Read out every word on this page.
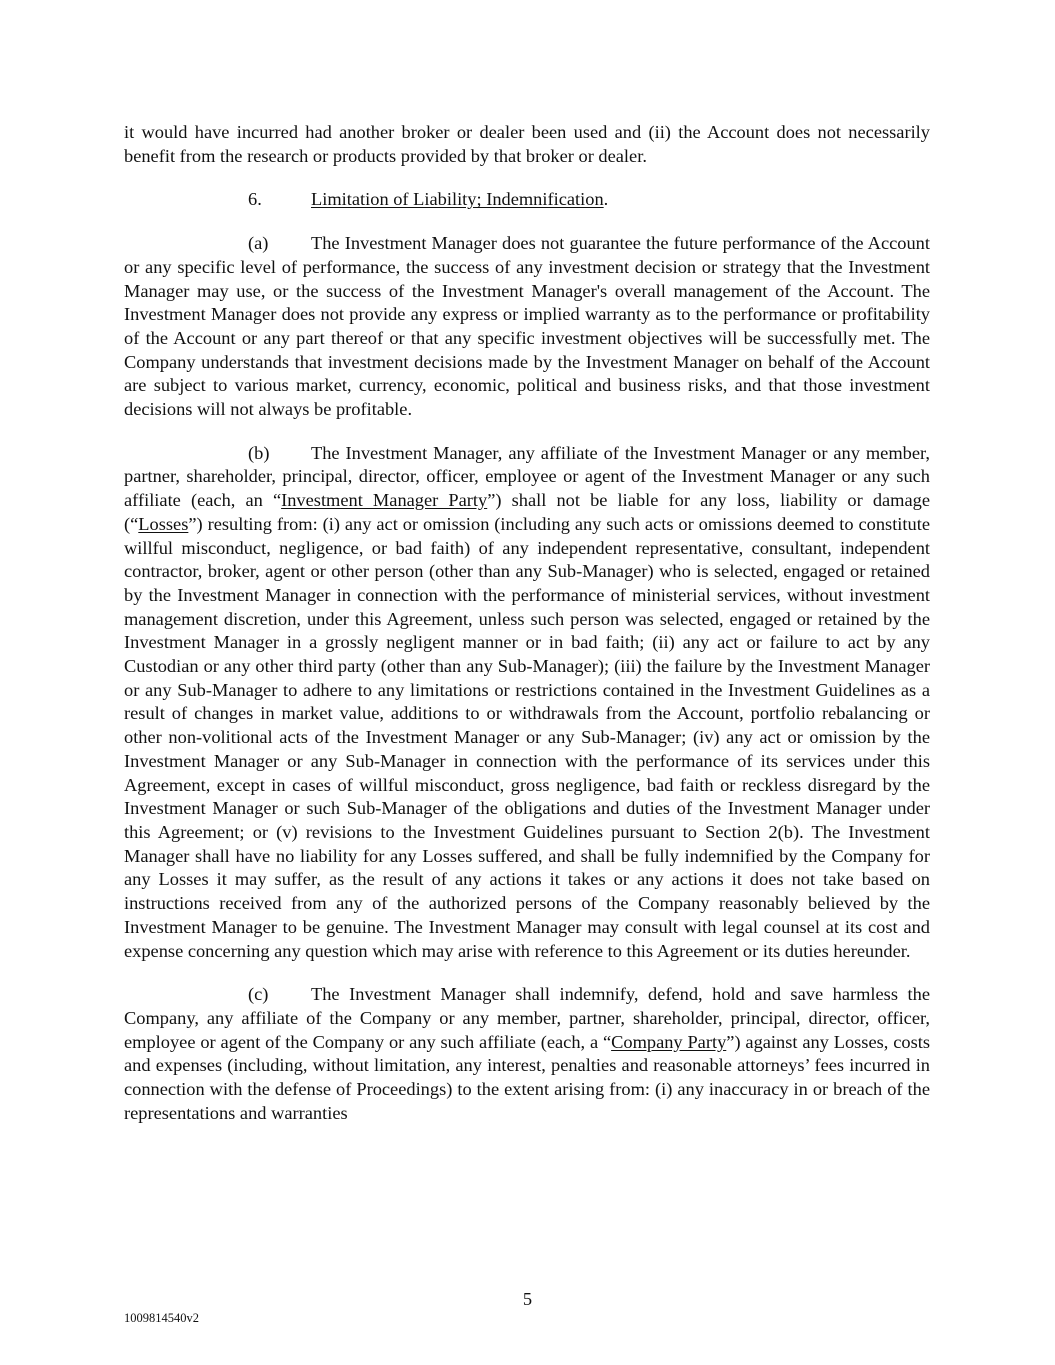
it would have incurred had another broker or dealer been used and (ii) the Account does not necessarily benefit from the research or products provided by that broker or dealer.

6.	Limitation of Liability; Indemnification.

(a) The Investment Manager does not guarantee the future performance of the Account or any specific level of performance, the success of any investment decision or strategy that the Investment Manager may use, or the success of the Investment Manager's overall management of the Account. The Investment Manager does not provide any express or implied warranty as to the performance or profitability of the Account or any part thereof or that any specific investment objectives will be successfully met. The Company understands that investment decisions made by the Investment Manager on behalf of the Account are subject to various market, currency, economic, political and business risks, and that those investment decisions will not always be profitable.

(b) The Investment Manager, any affiliate of the Investment Manager or any member, partner, shareholder, principal, director, officer, employee or agent of the Investment Manager or any such affiliate (each, an “Investment Manager Party”) shall not be liable for any loss, liability or damage (“Losses”) resulting from: (i) any act or omission (including any such acts or omissions deemed to constitute willful misconduct, negligence, or bad faith) of any independent representative, consultant, independent contractor, broker, agent or other person (other than any Sub-Manager) who is selected, engaged or retained by the Investment Manager in connection with the performance of ministerial services, without investment management discretion, under this Agreement, unless such person was selected, engaged or retained by the Investment Manager in a grossly negligent manner or in bad faith; (ii) any act or failure to act by any Custodian or any other third party (other than any Sub-Manager); (iii) the failure by the Investment Manager or any Sub-Manager to adhere to any limitations or restrictions contained in the Investment Guidelines as a result of changes in market value, additions to or withdrawals from the Account, portfolio rebalancing or other non-volitional acts of the Investment Manager or any Sub-Manager; (iv) any act or omission by the Investment Manager or any Sub-Manager in connection with the performance of its services under this Agreement, except in cases of willful misconduct, gross negligence, bad faith or reckless disregard by the Investment Manager or such Sub-Manager of the obligations and duties of the Investment Manager under this Agreement; or (v) revisions to the Investment Guidelines pursuant to Section 2(b). The Investment Manager shall have no liability for any Losses suffered, and shall be fully indemnified by the Company for any Losses it may suffer, as the result of any actions it takes or any actions it does not take based on instructions received from any of the authorized persons of the Company reasonably believed by the Investment Manager to be genuine. The Investment Manager may consult with legal counsel at its cost and expense concerning any question which may arise with reference to this Agreement or its duties hereunder.

(c) The Investment Manager shall indemnify, defend, hold and save harmless the Company, any affiliate of the Company or any member, partner, shareholder, principal, director, officer, employee or agent of the Company or any such affiliate (each, a “Company Party”) against any Losses, costs and expenses (including, without limitation, any interest, penalties and reasonable attorneys’ fees incurred in connection with the defense of Proceedings) to the extent arising from: (i) any inaccuracy in or breach of the representations and warranties

5
1009814540v2
